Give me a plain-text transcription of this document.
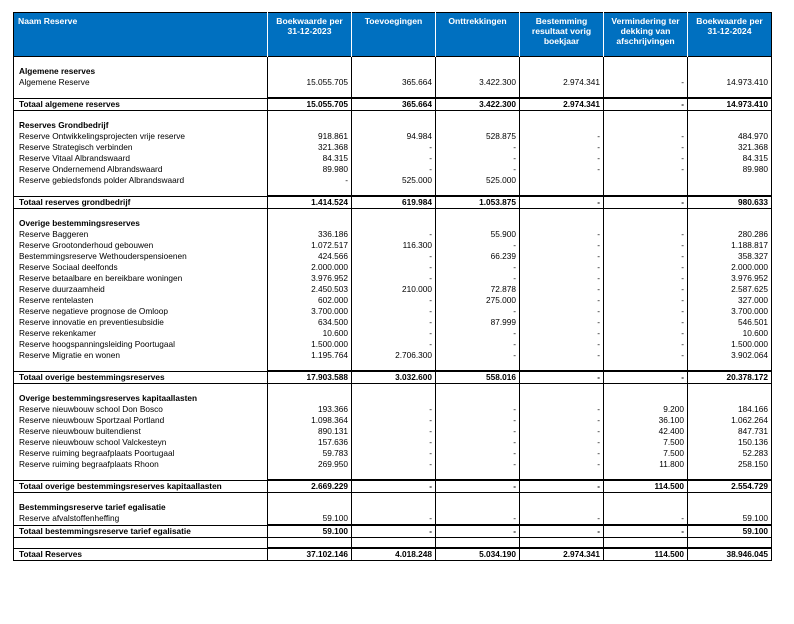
Naam Reserve	Boekwaarde per 31-12-2023	Toevoegingen	Onttrekkingen	Bestemming resultaat vorig boekjaar	Vermindering ter dekking van afschrijvingen	Boekwaarde per 31-12-2024

Algemene reserves						
Algemene Reserve	15.055.705	365.664	3.422.300	2.974.341	-	14.973.410

Totaal algemene reserves	15.055.705	365.664	3.422.300	2.974.341	-	14.973.410

Reserves Grondbedrijf						
Reserve Ontwikkelingsprojecten vrije reserve	918.861	94.984	528.875	-	-	484.970
Reserve Strategisch verbinden	321.368	-	-	-	-	321.368
Reserve Vitaal Albrandswaard	84.315	-	-	-	-	84.315
Reserve Ondernemend Albrandswaard	89.980	-	-	-	-	89.980
Reserve gebiedsfonds polder Albrandswaard	-	525.000	525.000			

Totaal reserves grondbedrijf	1.414.524	619.984	1.053.875	-	-	980.633

Overige bestemmingsreserves						
Reserve Baggeren	336.186	-	55.900	-	-	280.286
Reserve Grootonderhoud gebouwen	1.072.517	116.300	-	-	-	1.188.817
Bestemmingsreserve Wethouderspensioenen	424.566	-	66.239	-	-	358.327
Reserve Sociaal deelfonds	2.000.000	-	-	-	-	2.000.000
Reserve betaalbare en bereikbare woningen	3.976.952	-	-	-	-	3.976.952
Reserve duurzaamheid	2.450.503	210.000	72.878	-	-	2.587.625
Reserve rentelasten	602.000	-	275.000	-	-	327.000
Reserve negatieve prognose de Omloop	3.700.000	-	-	-	-	3.700.000
Reserve innovatie en preventiesubsidie	634.500	-	87.999	-	-	546.501
Reserve rekenkamer	10.600	-	-	-	-	10.600
Reserve hoogspanningsleiding Poortugaal	1.500.000	-	-	-	-	1.500.000
Reserve Migratie en wonen	1.195.764	2.706.300	-	-	-	3.902.064

Totaal overige bestemmingsreserves	17.903.588	3.032.600	558.016	-	-	20.378.172

Overige bestemmingsreserves kapitaallasten						
Reserve nieuwbouw school Don Bosco	193.366	-	-	-	9.200	184.166
Reserve nieuwbouw Sportzaal Portland	1.098.364	-	-	-	36.100	1.062.264
Reserve nieuwbouw buitendienst	890.131	-	-	-	42.400	847.731
Reserve nieuwbouw school Valckesteyn	157.636	-	-	-	7.500	150.136
Reserve ruiming begraafplaats Poortugaal	59.783	-	-	-	7.500	52.283
Reserve ruiming begraafplaats Rhoon	269.950	-	-	-	11.800	258.150

Totaal overige bestemmingsreserves kapitaallasten	2.669.229	-	-	-	114.500	2.554.729

Bestemmingsreserve tarief egalisatie						
Reserve afvalstoffenheffing	59.100	-	-	-	-	59.100
Totaal bestemmingsreserve tarief egalisatie	59.100	-	-	-	-	59.100

Totaal Reserves	37.102.146	4.018.248	5.034.190	2.974.341	114.500	38.946.045
